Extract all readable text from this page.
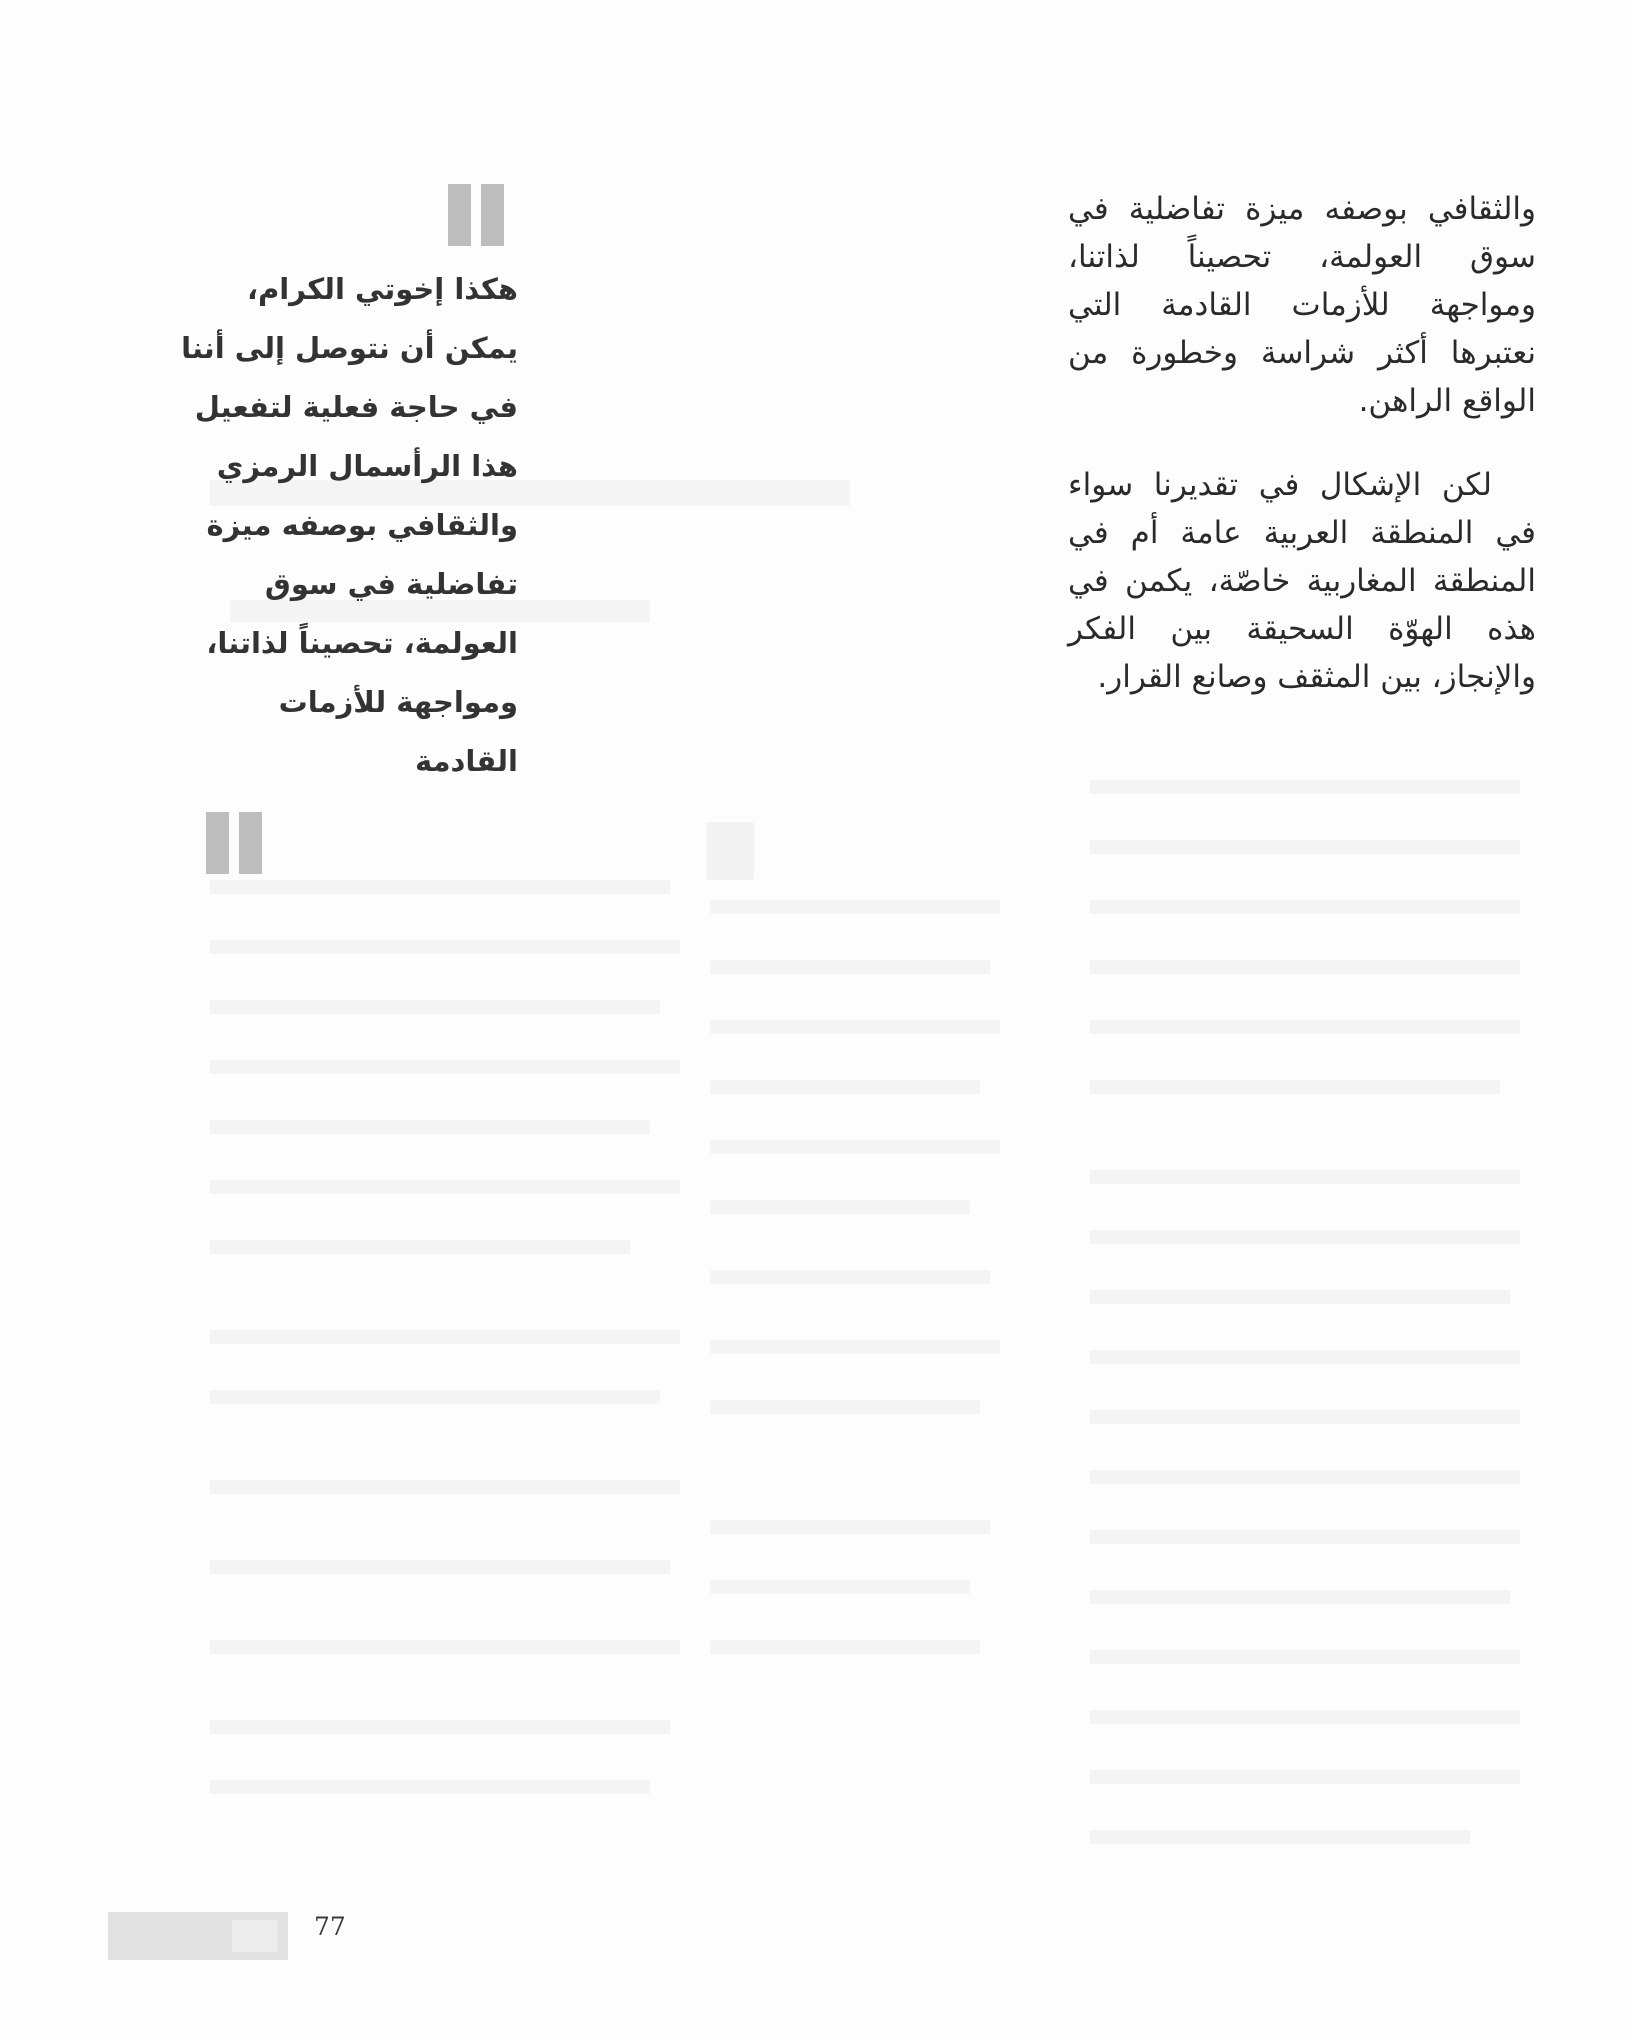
والثقافي بوصفه ميزة تفاضلية في سوق العولمة، تحصيناً لذاتنا، ومواجهة للأزمات القادمة التي نعتبرها أكثر شراسة وخطورة من الواقع الراهن.

لكن الإشكال في تقديرنا سواء في المنطقة العربية عامة أم في المنطقة المغاربية خاصّة، يكمن في هذه الهوّة السحيقة بين الفكر والإنجاز، بين المثقف وصانع القرار.

هكذا إخوتي الكرام،
يمكن أن نتوصل إلى أننا
في حاجة فعلية لتفعيل
هذا الرأسمال الرمزي
والثقافي بوصفه ميزة
تفاضلية في سوق
العولمة، تحصيناً لذاتنا،
ومواجهة للأزمات
القادمة
77
